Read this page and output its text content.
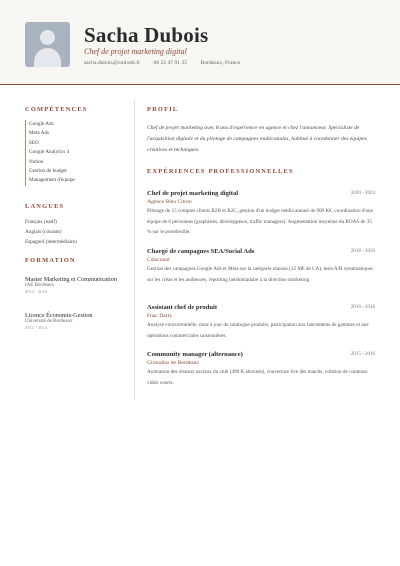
Sacha Dubois
Chef de projet marketing digital
sacha.dubois@outlook.fr 06 22 47 91 35 Bordeaux, France
COMPÉTENCES
Google Ads
Meta Ads
SEO
Google Analytics 4
Notion
Gestion de budget
Management d'équipe
LANGUES
Français (natif)
Anglais (courant)
Espagnol (intermédiaire)
FORMATION
Master Marketing et Communication
IAE Bordeaux
2014 - 2016
Licence Économie-Gestion
Université de Bordeaux
2011 - 2014
PROFIL
Chef de projet marketing avec 8 ans d'expérience en agence et chez l'annonceur. Spécialiste de l'acquisition digitale et du pilotage de campagnes multicanales, habitué à coordonner des équipes créatives et techniques.
EXPÉRIENCES PROFESSIONNELLES
Chef de projet marketing digital	2020 - 2024
Agence Bleu Citron
Pilotage de 15 comptes clients B2B et B2C, gestion d'un budget média annuel de 900 K€, coordination d'une équipe de 6 personnes (graphistes, développeurs, traffic managers). Augmentation moyenne du ROAS de 35 % sur le portefeuille.
Chargé de campagnes SEA/Social Ads	2018 - 2020
Cdiscount
Gestion des campagnes Google Ads et Meta sur la catégorie maison (12 M€ de CA), tests A/B systématiques sur les créas et les audiences, reporting hebdomadaire à la direction marketing.
Assistant chef de produit	2016 - 2018
Fnac Darty
Analyse concurrentielle, mise à jour du catalogue produits, participation aux lancements de gammes et aux opérations commerciales saisonnières.
Community manager (alternance)	2015 - 2016
Girondins de Bordeaux
Animation des réseaux sociaux du club (400 K abonnés), couverture live des matchs, création de contenus vidéo courts.
